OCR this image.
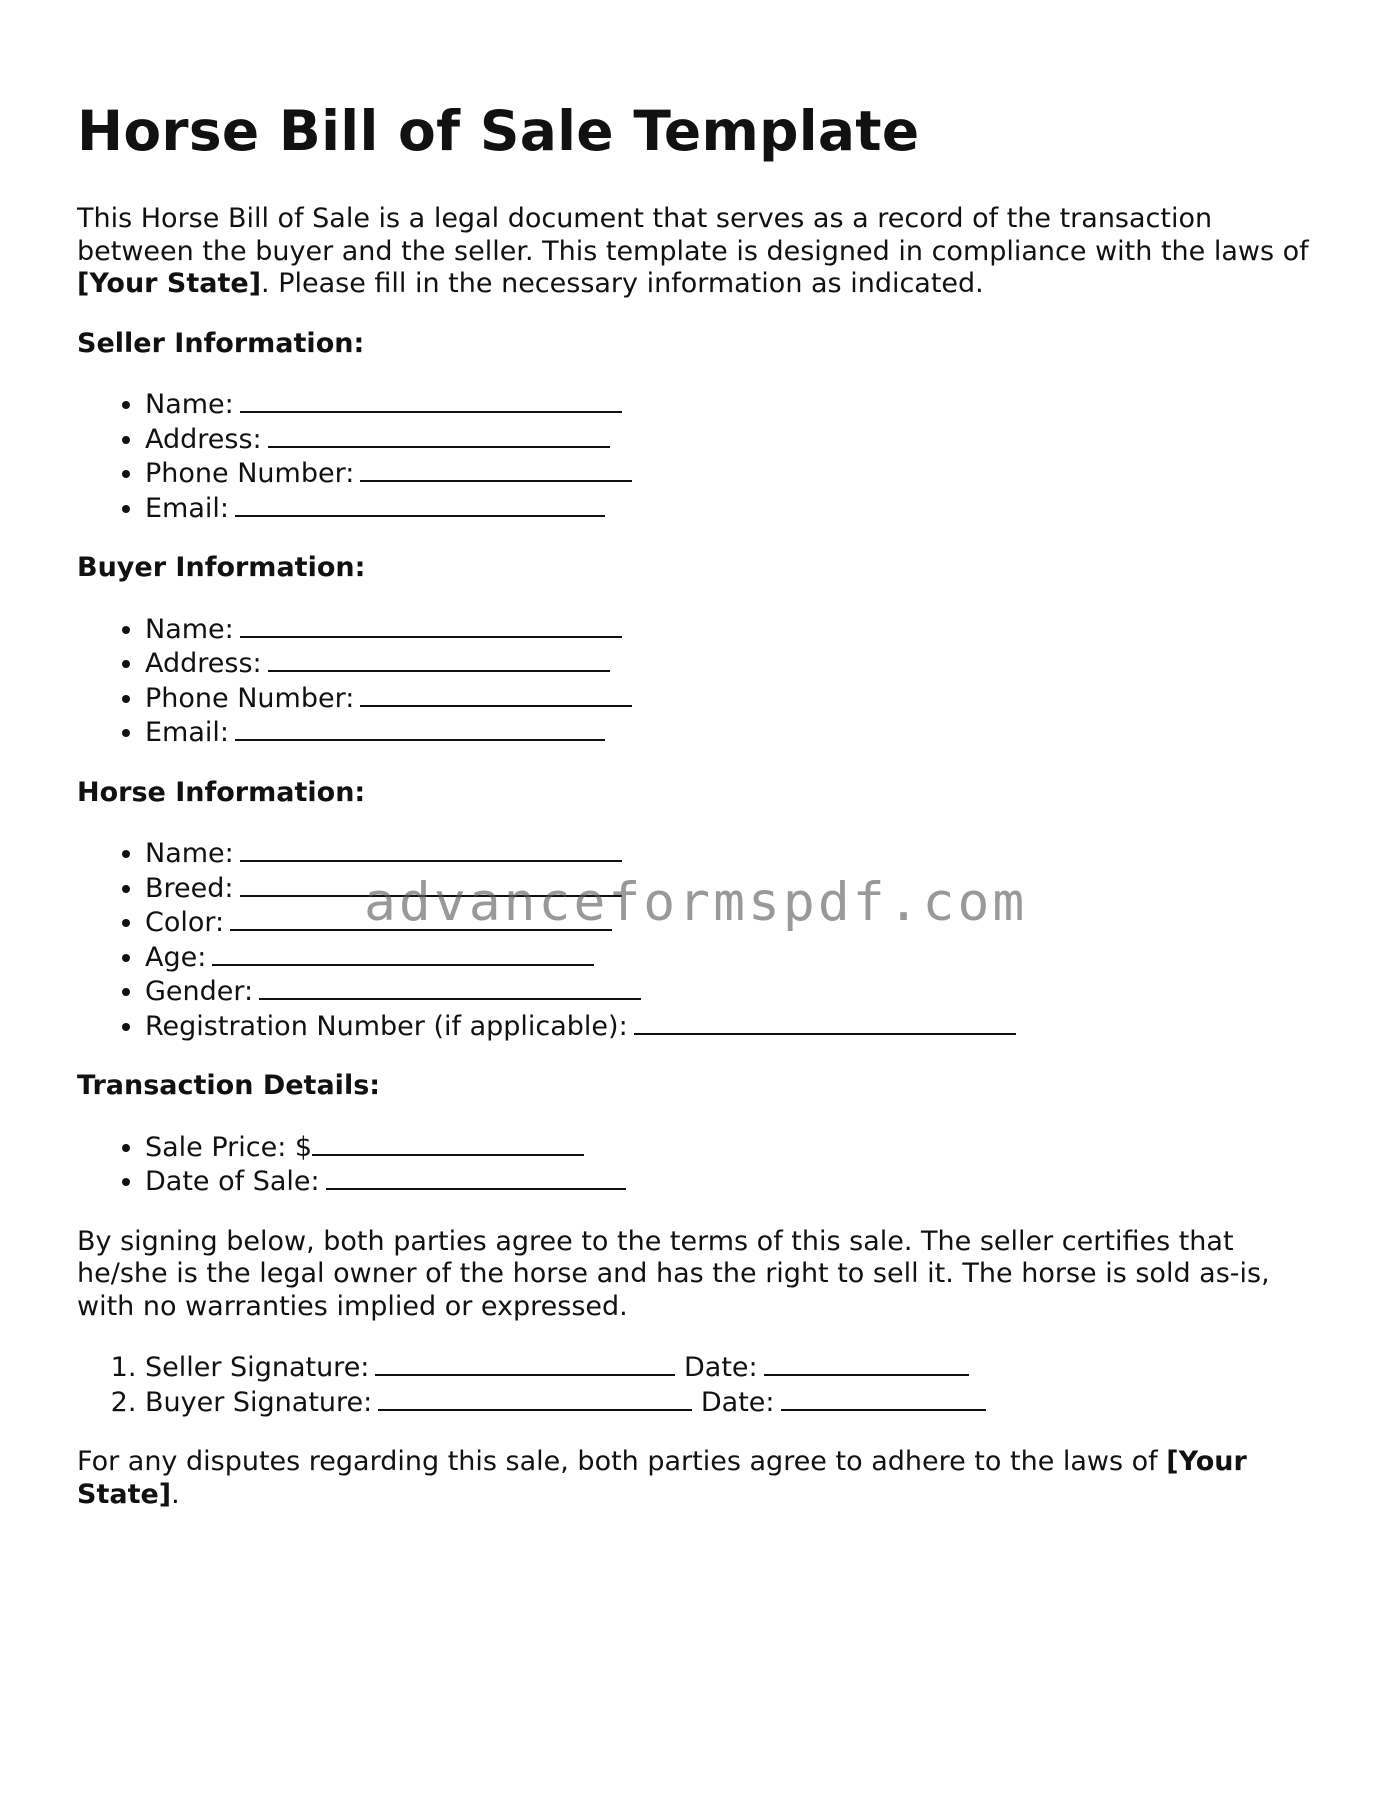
Horse Bill of Sale Template

This Horse Bill of Sale is a legal document that serves as a record of the transaction between the buyer and the seller. This template is designed in compliance with the laws of [Your State]. Please fill in the necessary information as indicated.

Seller Information:
• Name:
• Address:
• Phone Number:
• Email:
Buyer Information:
• Name:
• Address:
• Phone Number:
• Email:
Horse Information:
• Name:
• Breed:
• Color:
• Age:
• Gender:
• Registration Number (if applicable):
Transaction Details:
• Sale Price: $
• Date of Sale:

By signing below, both parties agree to the terms of this sale. The seller certifies that he/she is the legal owner of the horse and has the right to sell it. The horse is sold as-is, with no warranties implied or expressed.

1. Seller Signature:	Date:
2. Buyer Signature:	Date:

For any disputes regarding this sale, both parties agree to adhere to the laws of [Your State].

advanceformspdf.com
